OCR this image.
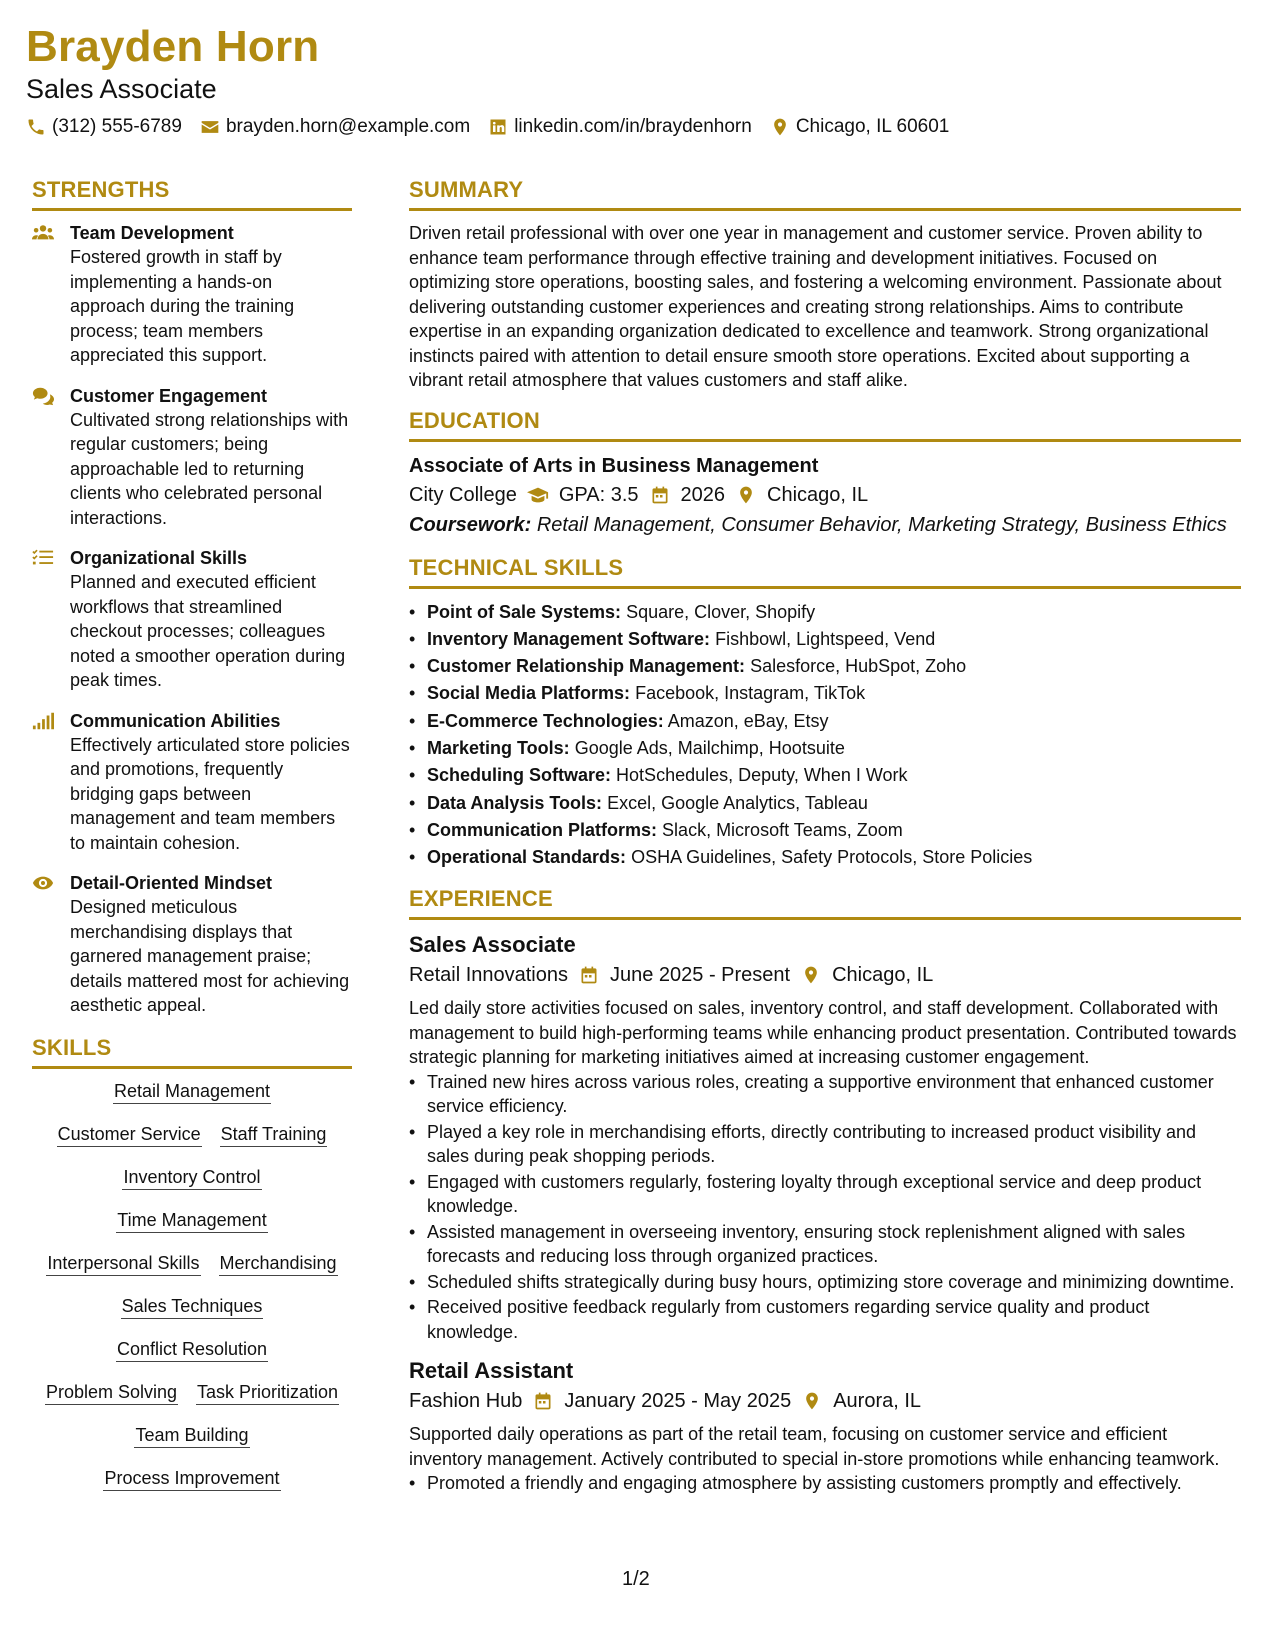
Brayden Horn
Sales Associate
(312) 555-6789 brayden.horn@example.com linkedin.com/in/braydenhorn Chicago, IL 60601
STRENGTHS
Team Development
Fostered growth in staff by implementing a hands-on approach during the training process; team members appreciated this support.
Customer Engagement
Cultivated strong relationships with regular customers; being approachable led to returning clients who celebrated personal interactions.
Organizational Skills
Planned and executed efficient workflows that streamlined checkout processes; colleagues noted a smoother operation during peak times.
Communication Abilities
Effectively articulated store policies and promotions, frequently bridging gaps between management and team members to maintain cohesion.
Detail-Oriented Mindset
Designed meticulous merchandising displays that garnered management praise; details mattered most for achieving aesthetic appeal.
SKILLS
Retail Management
Customer Service Staff Training
Inventory Control
Time Management
Interpersonal Skills Merchandising
Sales Techniques
Conflict Resolution
Problem Solving Task Prioritization
Team Building
Process Improvement
SUMMARY
Driven retail professional with over one year in management and customer service. Proven ability to enhance team performance through effective training and development initiatives. Focused on optimizing store operations, boosting sales, and fostering a welcoming environment. Passionate about delivering outstanding customer experiences and creating strong relationships. Aims to contribute expertise in an expanding organization dedicated to excellence and teamwork. Strong organizational instincts paired with attention to detail ensure smooth store operations. Excited about supporting a vibrant retail atmosphere that values customers and staff alike.
EDUCATION
Associate of Arts in Business Management
City College GPA: 3.5 2026 Chicago, IL
Coursework: Retail Management, Consumer Behavior, Marketing Strategy, Business Ethics
TECHNICAL SKILLS
• Point of Sale Systems: Square, Clover, Shopify
• Inventory Management Software: Fishbowl, Lightspeed, Vend
• Customer Relationship Management: Salesforce, HubSpot, Zoho
• Social Media Platforms: Facebook, Instagram, TikTok
• E-Commerce Technologies: Amazon, eBay, Etsy
• Marketing Tools: Google Ads, Mailchimp, Hootsuite
• Scheduling Software: HotSchedules, Deputy, When I Work
• Data Analysis Tools: Excel, Google Analytics, Tableau
• Communication Platforms: Slack, Microsoft Teams, Zoom
• Operational Standards: OSHA Guidelines, Safety Protocols, Store Policies
EXPERIENCE
Sales Associate
Retail Innovations June 2025 - Present Chicago, IL
Led daily store activities focused on sales, inventory control, and staff development. Collaborated with management to build high-performing teams while enhancing product presentation. Contributed towards strategic planning for marketing initiatives aimed at increasing customer engagement.
• Trained new hires across various roles, creating a supportive environment that enhanced customer service efficiency.
• Played a key role in merchandising efforts, directly contributing to increased product visibility and sales during peak shopping periods.
• Engaged with customers regularly, fostering loyalty through exceptional service and deep product knowledge.
• Assisted management in overseeing inventory, ensuring stock replenishment aligned with sales forecasts and reducing loss through organized practices.
• Scheduled shifts strategically during busy hours, optimizing store coverage and minimizing downtime.
• Received positive feedback regularly from customers regarding service quality and product knowledge.
Retail Assistant
Fashion Hub January 2025 - May 2025 Aurora, IL
Supported daily operations as part of the retail team, focusing on customer service and efficient inventory management. Actively contributed to special in-store promotions while enhancing teamwork.
• Promoted a friendly and engaging atmosphere by assisting customers promptly and effectively.
1/2
